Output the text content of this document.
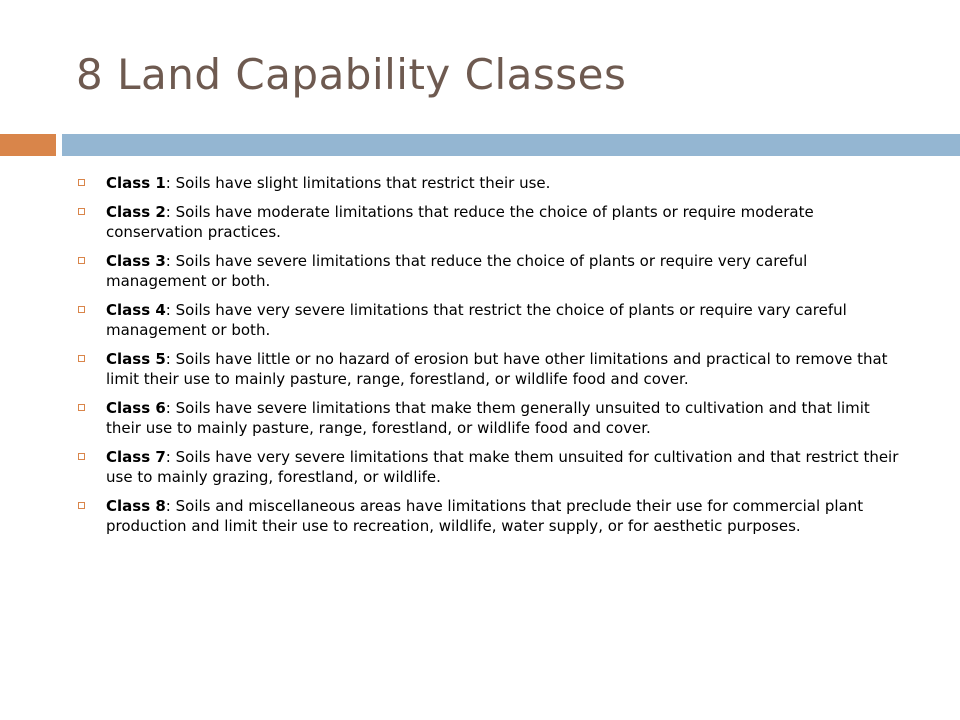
8 Land Capability Classes
Class 1: Soils have slight limitations that restrict their use.
Class 2: Soils have moderate limitations that reduce the choice of plants or require moderate conservation practices.
Class 3: Soils have severe limitations that reduce the choice of plants or require very careful management or both.
Class 4: Soils have very severe limitations that restrict the choice of plants or require vary careful management or both.
Class 5: Soils have little or no hazard of erosion but have other limitations and practical to remove that limit their use to mainly pasture, range, forestland, or wildlife food and cover.
Class 6: Soils have severe limitations that make them generally unsuited to cultivation and that limit their use to mainly pasture, range, forestland, or wildlife food and cover.
Class 7: Soils have very severe limitations that make them unsuited for cultivation and that restrict their use to mainly grazing, forestland, or wildlife.
Class 8: Soils and miscellaneous areas have limitations that preclude their use for commercial plant production and limit their use to recreation, wildlife, water supply, or for aesthetic purposes.
